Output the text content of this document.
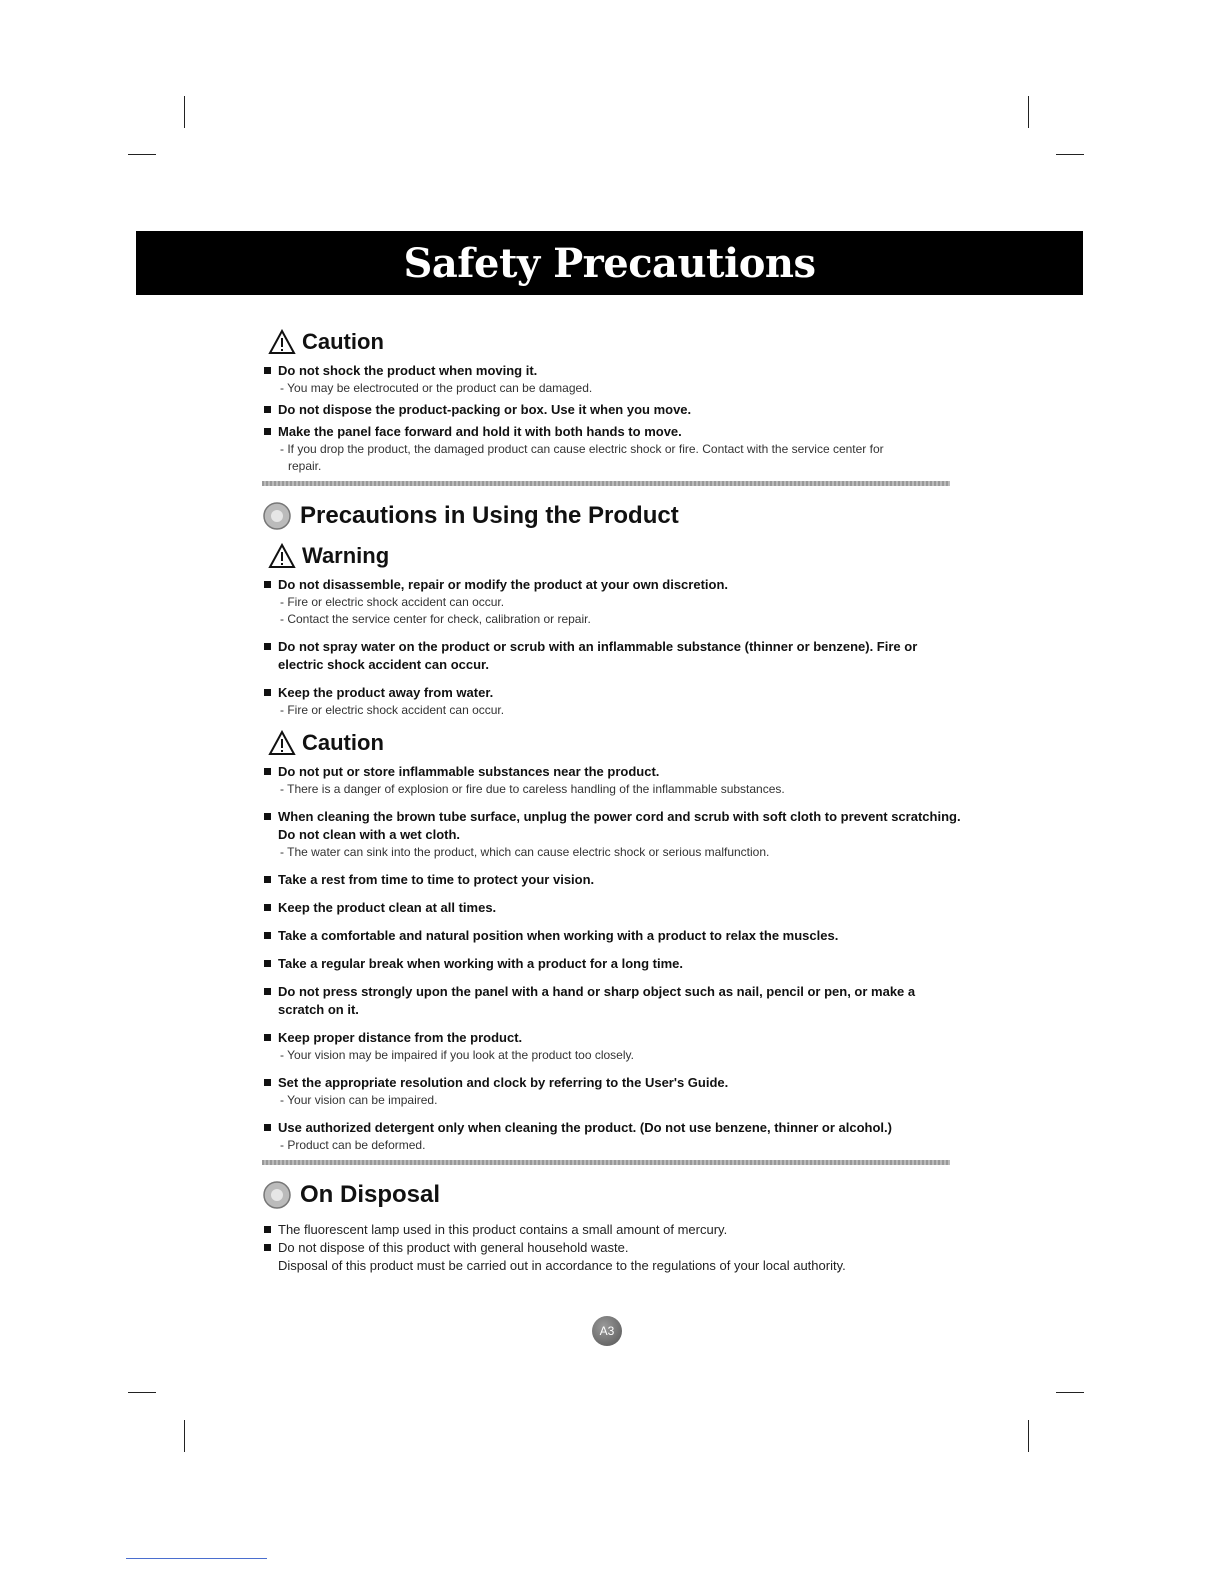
Safety Precautions
Caution
Do not shock the product when moving it.
- You may be electrocuted or the product can be damaged.
Do not dispose the product-packing or box. Use it when you move.
Make the panel face forward and hold it with both hands to move.
- If you drop the product, the damaged product can cause electric shock or fire. Contact with the service center for
repair.
Precautions in Using the Product
Warning
Do not disassemble, repair or modify the product at your own discretion.
- Fire or electric shock accident can occur.
- Contact the service center for check, calibration or repair.
Do not spray water on the product or scrub with an inflammable substance (thinner or benzene). Fire or electric shock accident can occur.
Keep the product away from water.
- Fire or electric shock accident can occur.
Caution
Do not put or store inflammable substances near the product.
- There is a danger of explosion or fire due to careless handling of the inflammable substances.
When cleaning the brown tube surface, unplug the power cord and scrub with soft cloth to prevent scratching. Do not clean with a wet cloth.
- The water can sink into the product, which can cause electric shock or serious malfunction.
Take a rest from time to time to protect your vision.
Keep the product clean at all times.
Take a comfortable and natural position when working with a product to relax the muscles.
Take a regular break when working with a product for a long time.
Do not press strongly upon the panel with a hand or sharp object such as nail, pencil or pen, or make a scratch on it.
Keep proper distance from the product.
- Your vision may be impaired if you look at the product too closely.
Set the appropriate resolution and clock by referring to the User's Guide.
- Your vision can be impaired.
Use authorized detergent only when cleaning the product. (Do not use benzene, thinner or alcohol.)
- Product can be deformed.
On Disposal
The fluorescent lamp used in this product contains a small amount of mercury.
Do not dispose of this product with general household waste.
Disposal of this product must be carried out in accordance to the regulations of your local authority.
A3
